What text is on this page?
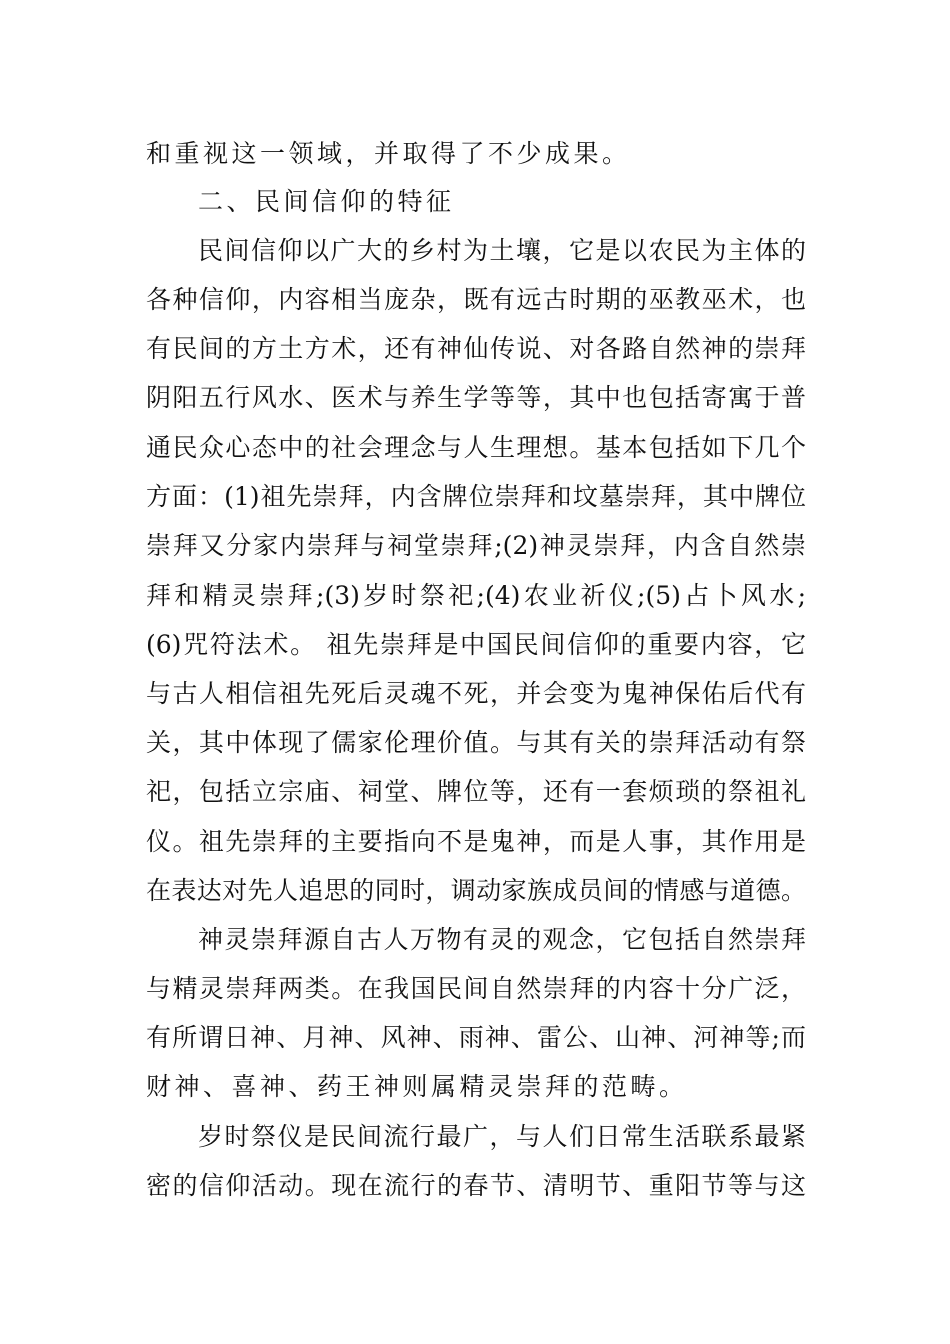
和重视这一领域，并取得了不少成果。
二、民间信仰的特征
民间信仰以广大的乡村为土壤，它是以农民为主体的
各种信仰，内容相当庞杂，既有远古时期的巫教巫术，也
有民间的方土方术，还有神仙传说、对各路自然神的崇拜
阴阳五行风水、医术与养生学等等，其中也包括寄寓于普
通民众心态中的社会理念与人生理想。基本包括如下几个
方面：(1)祖先崇拜，内含牌位崇拜和坟墓崇拜，其中牌位
崇拜又分家内崇拜与祠堂崇拜;(2)神灵崇拜，内含自然崇
拜和精灵崇拜;(3)岁时祭祀;(4)农业祈仪;(5)占卜风水;
(6)咒符法术。 祖先崇拜是中国民间信仰的重要内容，它
与古人相信祖先死后灵魂不死，并会变为鬼神保佑后代有
关，其中体现了儒家伦理价值。与其有关的崇拜活动有祭
祀，包括立宗庙、祠堂、牌位等，还有一套烦琐的祭祖礼
仪。祖先崇拜的主要指向不是鬼神，而是人事，其作用是
在表达对先人追思的同时，调动家族成员间的情感与道德。
神灵崇拜源自古人万物有灵的观念，它包括自然崇拜
与精灵崇拜两类。在我国民间自然崇拜的内容十分广泛，
有所谓日神、月神、风神、雨神、雷公、山神、河神等;而
财神、喜神、药王神则属精灵崇拜的范畴。
岁时祭仪是民间流行最广，与人们日常生活联系最紧
密的信仰活动。现在流行的春节、清明节、重阳节等与这
